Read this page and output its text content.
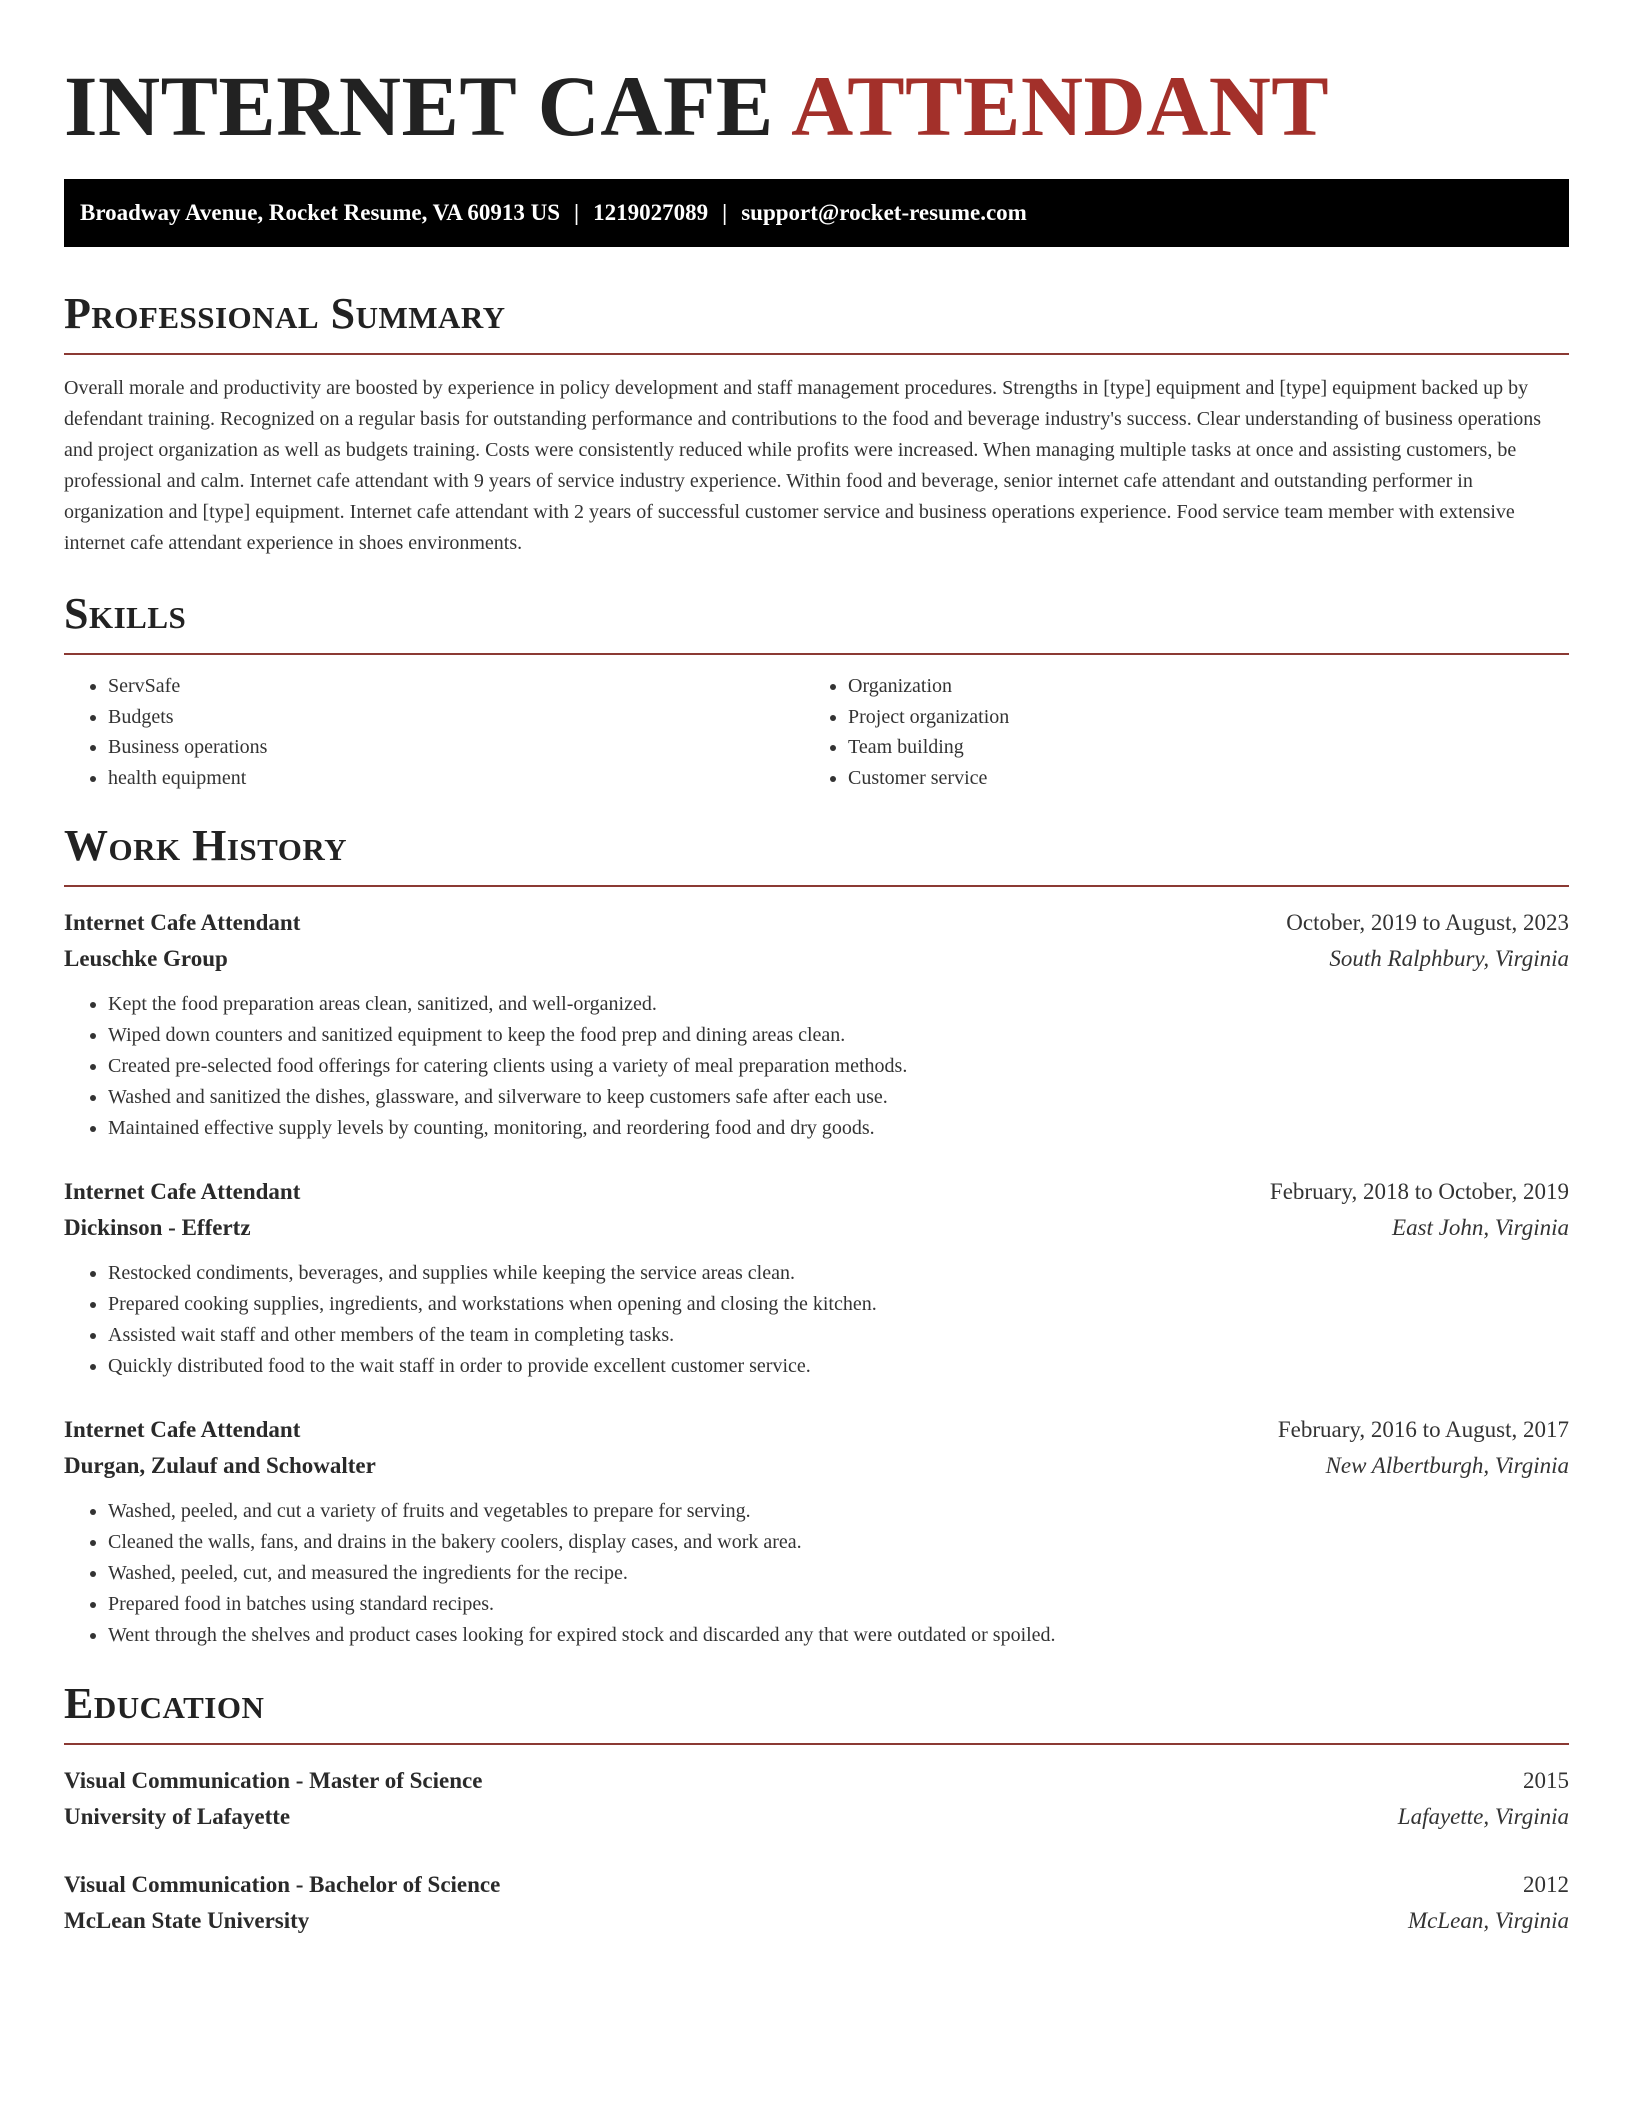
INTERNET CAFE ATTENDANT
Broadway Avenue, Rocket Resume, VA 60913 US | 1219027089 | support@rocket-resume.com
Professional Summary

Overall morale and productivity are boosted by experience in policy development and staff management procedures. Strengths in [type] equipment and [type] equipment backed up by defendant training. Recognized on a regular basis for outstanding performance and contributions to the food and beverage industry's success. Clear understanding of business operations and project organization as well as budgets training. Costs were consistently reduced while profits were increased. When managing multiple tasks at once and assisting customers, be professional and calm. Internet cafe attendant with 9 years of service industry experience. Within food and beverage, senior internet cafe attendant and outstanding performer in organization and [type] equipment. Internet cafe attendant with 2 years of successful customer service and business operations experience. Food service team member with extensive internet cafe attendant experience in shoes environments.

Skills
• ServSafe
• Budgets
• Business operations
• health equipment
• Organization
• Project organization
• Team building
• Customer service
Work History
Internet Cafe Attendant	October, 2019 to August, 2023
Leuschke Group	South Ralphbury, Virginia
• Kept the food preparation areas clean, sanitized, and well-organized.
• Wiped down counters and sanitized equipment to keep the food prep and dining areas clean.
• Created pre-selected food offerings for catering clients using a variety of meal preparation methods.
• Washed and sanitized the dishes, glassware, and silverware to keep customers safe after each use.
• Maintained effective supply levels by counting, monitoring, and reordering food and dry goods.
Internet Cafe Attendant	February, 2018 to October, 2019
Dickinson - Effertz	East John, Virginia
• Restocked condiments, beverages, and supplies while keeping the service areas clean.
• Prepared cooking supplies, ingredients, and workstations when opening and closing the kitchen.
• Assisted wait staff and other members of the team in completing tasks.
• Quickly distributed food to the wait staff in order to provide excellent customer service.
Internet Cafe Attendant	February, 2016 to August, 2017
Durgan, Zulauf and Schowalter	New Albertburgh, Virginia
• Washed, peeled, and cut a variety of fruits and vegetables to prepare for serving.
• Cleaned the walls, fans, and drains in the bakery coolers, display cases, and work area.
• Washed, peeled, cut, and measured the ingredients for the recipe.
• Prepared food in batches using standard recipes.
• Went through the shelves and product cases looking for expired stock and discarded any that were outdated or spoiled.
Education
Visual Communication - Master of Science	2015
University of Lafayette	Lafayette, Virginia
Visual Communication - Bachelor of Science	2012
McLean State University	McLean, Virginia
